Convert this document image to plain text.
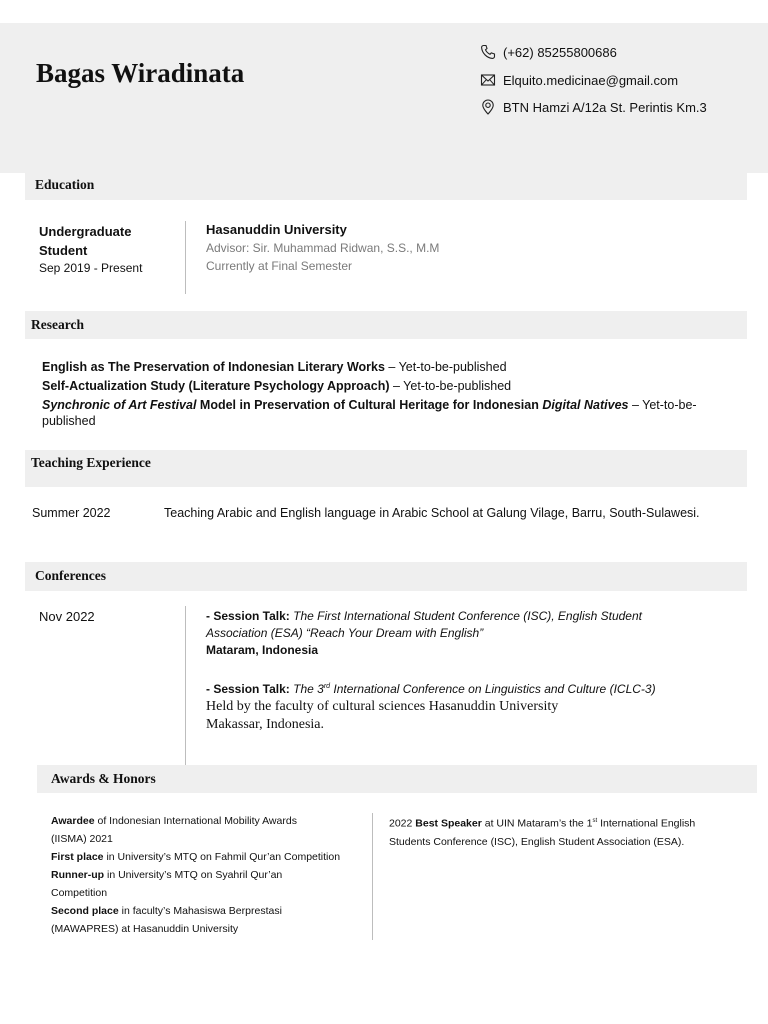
Bagas Wiradinata
(+62) 85255800686
Elquito.medicinae@gmail.com
BTN Hamzi A/12a St. Perintis Km.3
Education
Undergraduate
Student
Sep 2019 - Present
Hasanuddin University
Advisor: Sir. Muhammad Ridwan, S.S., M.M
Currently at Final Semester
Research
English as The Preservation of Indonesian Literary Works – Yet-to-be-published
Self-Actualization Study (Literature Psychology Approach) – Yet-to-be-published
Synchronic of Art Festival Model in Preservation of Cultural Heritage for Indonesian Digital Natives – Yet-to-be-
published
Teaching Experience
Summer 2022	Teaching Arabic and English language in Arabic School at Galung Vilage, Barru, South-Sulawesi.
Conferences
Nov 2022	- Session Talk: The First International Student Conference (ISC), English Student
Association (ESA) “Reach Your Dream with English”
Mataram, Indonesia
- Session Talk: The 3rd International Conference on Linguistics and Culture (ICLC-3)
Held by the faculty of cultural sciences Hasanuddin University
Makassar, Indonesia.
Awards & Honors
Awardee of Indonesian International Mobility Awards
(IISMA) 2021
First place in University’s MTQ on Fahmil Qur’an Competition
Runner-up in University’s MTQ on Syahril Qur’an
Competition
Second place in faculty’s Mahasiswa Berprestasi
(MAWAPRES) at Hasanuddin University
2022 Best Speaker at UIN Mataram’s the 1st International English
Students Conference (ISC), English Student Association (ESA).
